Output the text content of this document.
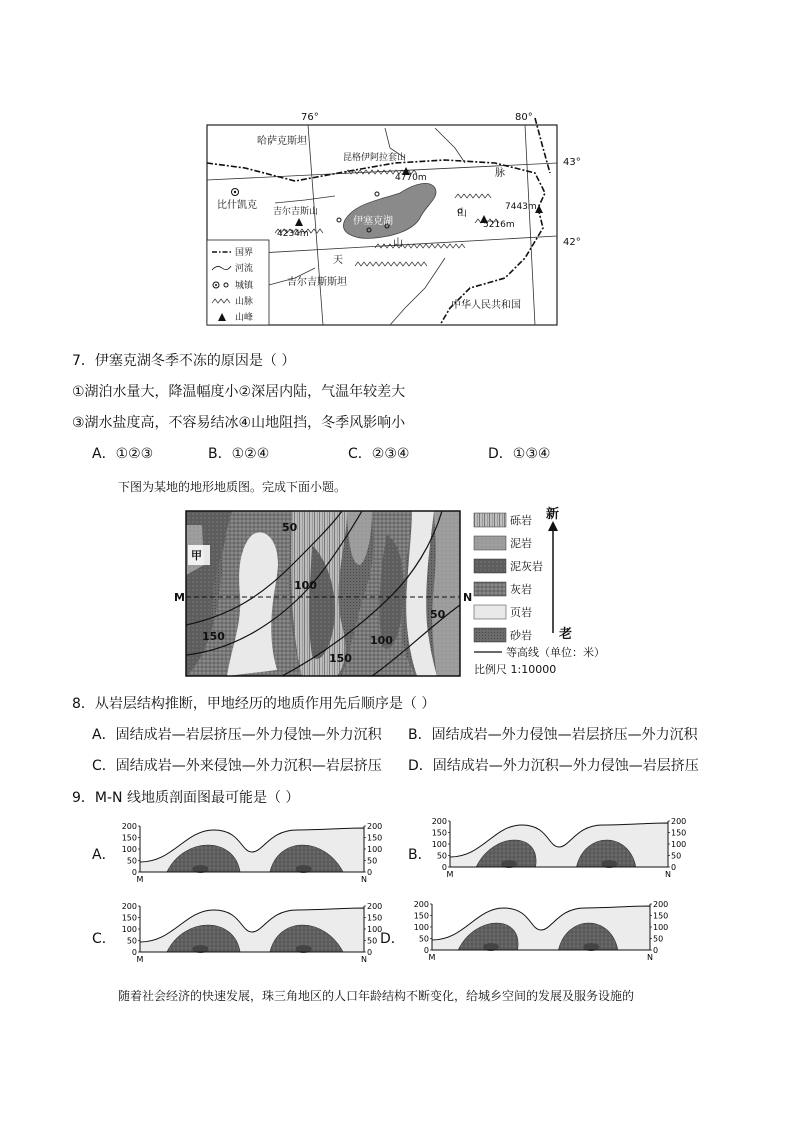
76°	80°
43°
42°
哈萨克斯坦
昆格伊阿拉套山
4770m
比什凯克
吉尔吉斯山
4234m
伊塞克湖
吉尔吉斯斯坦
中华人民共和国
7443m
5216m
天
山
脉
山
国界
河流
城镇
山脉
山峰
7．伊塞克湖冬季不冻的原因是（ ）
①湖泊水量大，降温幅度小②深居内陆，气温年较差大
③湖水盐度高，不容易结冰④山地阻挡，冬季风影响小
A．①②③	B．①②④	C．②③④	D．①③④
下图为某地的地形地质图。完成下面小题。
甲
M	N
50
100
50
150
150
100
砾岩
泥岩
泥灰岩
灰岩
页岩
砂岩
新
老
等高线（单位：米）
比例尺 1:10000
8．从岩层结构推断，甲地经历的地质作用先后顺序是（ ）
A．固结成岩—岩层挤压—外力侵蚀—外力沉积 B．固结成岩—外力侵蚀—岩层挤压—外力沉积
C．固结成岩—外来侵蚀—外力沉积—岩层挤压 D．固结成岩—外力沉积—外力侵蚀—岩层挤压
9．M-N 线地质剖面图最可能是（ ）
A．	B．
C．	D．
200	200
150	150
100	100
50	50
0	0
M	N
200	200
150	150
100	100
50	50
0	0
M	N
200	200
150	150
100	100
50	50
0	0
M	N
200	200
150	150
100	100
50	50
0	0
M	N
随着社会经济的快速发展，珠三角地区的人口年龄结构不断变化，给城乡空间的发展及服务设施的
